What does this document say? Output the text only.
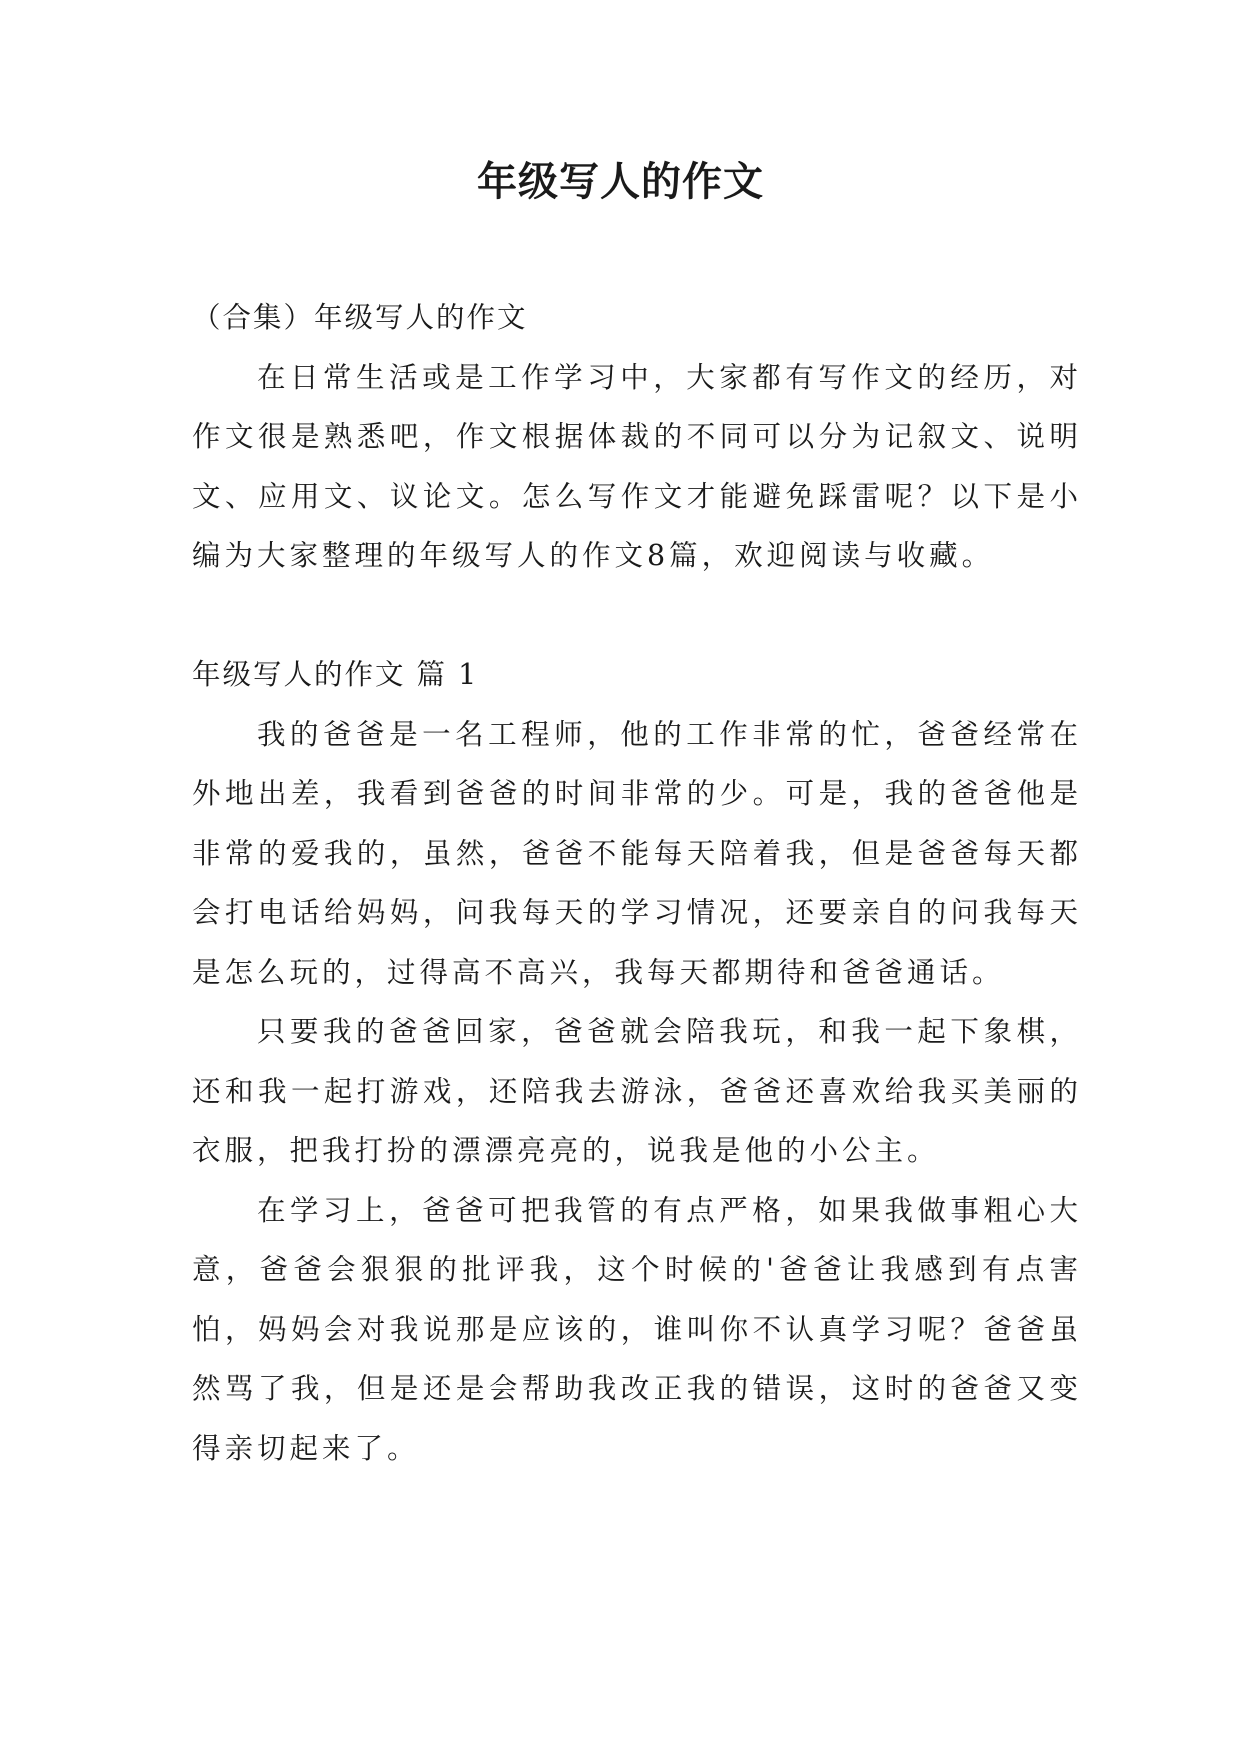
年级写人的作文

（合集）年级写人的作文

在日常生活或是工作学习中，大家都有写作文的经历，对作文很是熟悉吧，作文根据体裁的不同可以分为记叙文、说明文、应用文、议论文。怎么写作文才能避免踩雷呢？以下是小编为大家整理的年级写人的作文8篇，欢迎阅读与收藏。

年级写人的作文 篇 1

我的爸爸是一名工程师，他的工作非常的忙，爸爸经常在外地出差，我看到爸爸的时间非常的少。可是，我的爸爸他是非常的爱我的，虽然，爸爸不能每天陪着我，但是爸爸每天都会打电话给妈妈，问我每天的学习情况，还要亲自的问我每天是怎么玩的，过得高不高兴，我每天都期待和爸爸通话。

只要我的爸爸回家，爸爸就会陪我玩，和我一起下象棋，还和我一起打游戏，还陪我去游泳，爸爸还喜欢给我买美丽的衣服，把我打扮的漂漂亮亮的，说我是他的小公主。

在学习上，爸爸可把我管的有点严格，如果我做事粗心大意，爸爸会狠狠的批评我，这个时候的'爸爸让我感到有点害怕，妈妈会对我说那是应该的，谁叫你不认真学习呢？爸爸虽然骂了我，但是还是会帮助我改正我的错误，这时的爸爸又变得亲切起来了。
